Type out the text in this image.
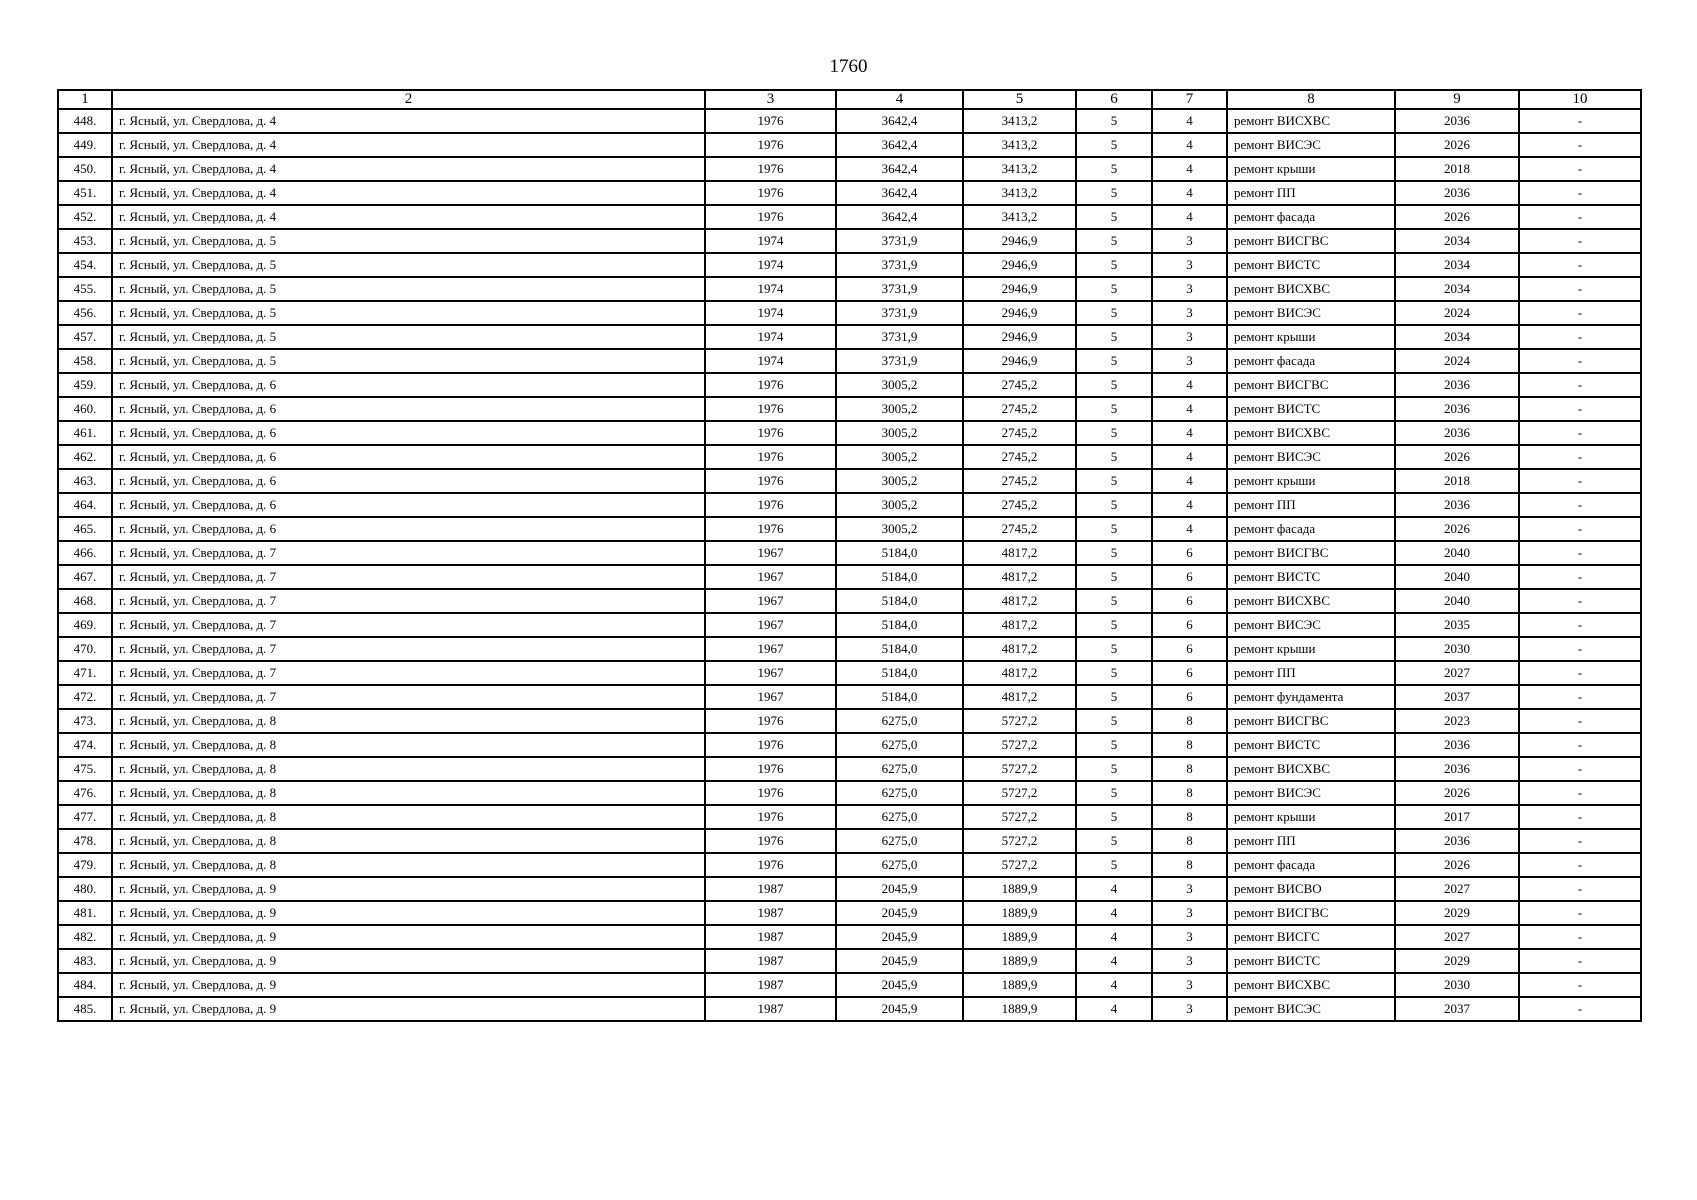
1760
1	2	3	4	5	6	7	8	9	10
448.	г. Ясный, ул. Свердлова, д. 4	1976	3642,4	3413,2	5	4	ремонт ВИСХВС	2036	-
449.	г. Ясный, ул. Свердлова, д. 4	1976	3642,4	3413,2	5	4	ремонт ВИСЭС	2026	-
450.	г. Ясный, ул. Свердлова, д. 4	1976	3642,4	3413,2	5	4	ремонт крыши	2018	-
451.	г. Ясный, ул. Свердлова, д. 4	1976	3642,4	3413,2	5	4	ремонт ПП	2036	-
452.	г. Ясный, ул. Свердлова, д. 4	1976	3642,4	3413,2	5	4	ремонт фасада	2026	-
453.	г. Ясный, ул. Свердлова, д. 5	1974	3731,9	2946,9	5	3	ремонт ВИСГВС	2034	-
454.	г. Ясный, ул. Свердлова, д. 5	1974	3731,9	2946,9	5	3	ремонт ВИСТС	2034	-
455.	г. Ясный, ул. Свердлова, д. 5	1974	3731,9	2946,9	5	3	ремонт ВИСХВС	2034	-
456.	г. Ясный, ул. Свердлова, д. 5	1974	3731,9	2946,9	5	3	ремонт ВИСЭС	2024	-
457.	г. Ясный, ул. Свердлова, д. 5	1974	3731,9	2946,9	5	3	ремонт крыши	2034	-
458.	г. Ясный, ул. Свердлова, д. 5	1974	3731,9	2946,9	5	3	ремонт фасада	2024	-
459.	г. Ясный, ул. Свердлова, д. 6	1976	3005,2	2745,2	5	4	ремонт ВИСГВС	2036	-
460.	г. Ясный, ул. Свердлова, д. 6	1976	3005,2	2745,2	5	4	ремонт ВИСТС	2036	-
461.	г. Ясный, ул. Свердлова, д. 6	1976	3005,2	2745,2	5	4	ремонт ВИСХВС	2036	-
462.	г. Ясный, ул. Свердлова, д. 6	1976	3005,2	2745,2	5	4	ремонт ВИСЭС	2026	-
463.	г. Ясный, ул. Свердлова, д. 6	1976	3005,2	2745,2	5	4	ремонт крыши	2018	-
464.	г. Ясный, ул. Свердлова, д. 6	1976	3005,2	2745,2	5	4	ремонт ПП	2036	-
465.	г. Ясный, ул. Свердлова, д. 6	1976	3005,2	2745,2	5	4	ремонт фасада	2026	-
466.	г. Ясный, ул. Свердлова, д. 7	1967	5184,0	4817,2	5	6	ремонт ВИСГВС	2040	-
467.	г. Ясный, ул. Свердлова, д. 7	1967	5184,0	4817,2	5	6	ремонт ВИСТС	2040	-
468.	г. Ясный, ул. Свердлова, д. 7	1967	5184,0	4817,2	5	6	ремонт ВИСХВС	2040	-
469.	г. Ясный, ул. Свердлова, д. 7	1967	5184,0	4817,2	5	6	ремонт ВИСЭС	2035	-
470.	г. Ясный, ул. Свердлова, д. 7	1967	5184,0	4817,2	5	6	ремонт крыши	2030	-
471.	г. Ясный, ул. Свердлова, д. 7	1967	5184,0	4817,2	5	6	ремонт ПП	2027	-
472.	г. Ясный, ул. Свердлова, д. 7	1967	5184,0	4817,2	5	6	ремонт фундамента	2037	-
473.	г. Ясный, ул. Свердлова, д. 8	1976	6275,0	5727,2	5	8	ремонт ВИСГВС	2023	-
474.	г. Ясный, ул. Свердлова, д. 8	1976	6275,0	5727,2	5	8	ремонт ВИСТС	2036	-
475.	г. Ясный, ул. Свердлова, д. 8	1976	6275,0	5727,2	5	8	ремонт ВИСХВС	2036	-
476.	г. Ясный, ул. Свердлова, д. 8	1976	6275,0	5727,2	5	8	ремонт ВИСЭС	2026	-
477.	г. Ясный, ул. Свердлова, д. 8	1976	6275,0	5727,2	5	8	ремонт крыши	2017	-
478.	г. Ясный, ул. Свердлова, д. 8	1976	6275,0	5727,2	5	8	ремонт ПП	2036	-
479.	г. Ясный, ул. Свердлова, д. 8	1976	6275,0	5727,2	5	8	ремонт фасада	2026	-
480.	г. Ясный, ул. Свердлова, д. 9	1987	2045,9	1889,9	4	3	ремонт ВИСВО	2027	-
481.	г. Ясный, ул. Свердлова, д. 9	1987	2045,9	1889,9	4	3	ремонт ВИСГВС	2029	-
482.	г. Ясный, ул. Свердлова, д. 9	1987	2045,9	1889,9	4	3	ремонт ВИСГС	2027	-
483.	г. Ясный, ул. Свердлова, д. 9	1987	2045,9	1889,9	4	3	ремонт ВИСТС	2029	-
484.	г. Ясный, ул. Свердлова, д. 9	1987	2045,9	1889,9	4	3	ремонт ВИСХВС	2030	-
485.	г. Ясный, ул. Свердлова, д. 9	1987	2045,9	1889,9	4	3	ремонт ВИСЭС	2037	-
